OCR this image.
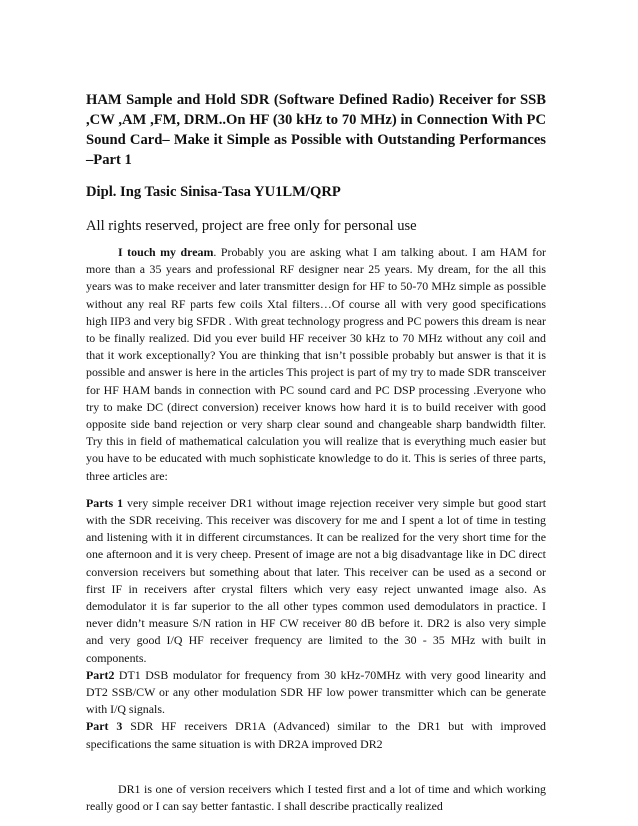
HAM Sample and Hold SDR (Software Defined Radio) Receiver for SSB ,CW ,AM ,FM, DRM..On HF (30 kHz to 70 MHz) in Connection With PC Sound Card– Make it Simple as Possible with Outstanding Performances –Part 1
Dipl. Ing Tasic Sinisa-Tasa YU1LM/QRP
All rights reserved, project are free only for personal use

I touch my dream. Probably you are asking what I am talking about. I am HAM for more than a 35 years and professional RF designer near 25 years. My dream, for the all this years was to make receiver and later transmitter design for HF to 50-70 MHz simple as possible without any real RF parts few coils Xtal filters…Of course all with very good specifications high IIP3 and very big SFDR . With great technology progress and PC powers this dream is near to be finally realized. Did you ever build HF receiver 30 kHz to 70 MHz without any coil and that it work exceptionally? You are thinking that isn’t possible probably but answer is that it is possible and answer is here in the articles This project is part of my try to made SDR transceiver for HF HAM bands in connection with PC sound card and PC DSP processing .Everyone who try to make DC (direct conversion) receiver knows how hard it is to build receiver with good opposite side band rejection or very sharp clear sound and changeable sharp bandwidth filter. Try this in field of mathematical calculation you will realize that is everything much easier but you have to be educated with much sophisticate knowledge to do it. This is series of three parts, three articles are:

Parts 1 very simple receiver DR1 without image rejection receiver very simple but good start with the SDR receiving. This receiver was discovery for me and I spent a lot of time in testing and listening with it in different circumstances. It can be realized for the very short time for the one afternoon and it is very cheep. Present of image are not a big disadvantage like in DC direct conversion receivers but something about that later. This receiver can be used as a second or first IF in receivers after crystal filters which very easy reject unwanted image also. As demodulator it is far superior to the all other types common used demodulators in practice. I never didn’t measure S/N ration in HF CW receiver 80 dB before it. DR2 is also very simple and very good I/Q HF receiver frequency are limited to the 30 - 35 MHz with built in components.

Part2 DT1 DSB modulator for frequency from 30 kHz-70MHz with very good linearity and DT2 SSB/CW or any other modulation SDR HF low power transmitter which can be generate with I/Q signals.

Part 3 SDR HF receivers DR1A (Advanced) similar to the DR1 but with improved specifications the same situation is with DR2A improved DR2

DR1 is one of version receivers which I tested first and a lot of time and which working really good or I can say better fantastic. I shall describe practically realized
